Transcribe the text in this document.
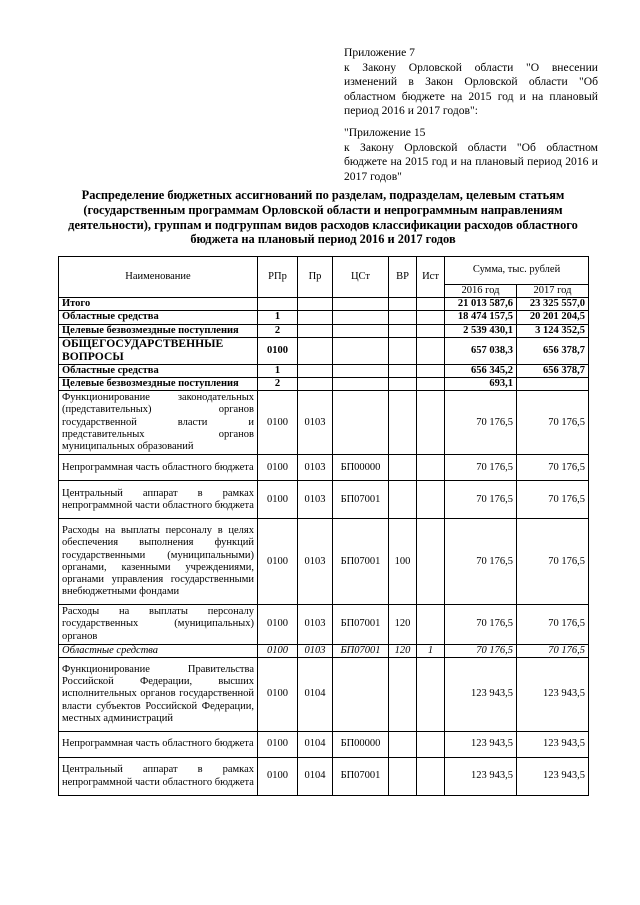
Приложение 7
к Закону Орловской области "О внесении изменений в Закон Орловской области "Об областном бюджете на 2015 год и на плановый период 2016 и 2017 годов":
"Приложение 15
к Закону Орловской области "Об областном бюджете на 2015 год и на плановый период 2016 и 2017 годов"
Распределение бюджетных ассигнований по разделам, подразделам, целевым статьям (государственным программам Орловской области и непрограммным направлениям деятельности), группам и подгруппам видов расходов классификации расходов областного бюджета на плановый период 2016 и 2017 годов
Наименование	РПр	Пр	ЦСт	ВР	Ист	Сумма, тыс. рублей	
						2016 год	2017 год
Итого						21 013 587,6	23 325 557,0
Областные средства	1					18 474 157,5	20 201 204,5
Целевые безвозмездные поступления	2					2 539 430,1	3 124 352,5
ОБЩЕГОСУДАРСТВЕННЫЕ ВОПРОСЫ	0100					657 038,3	656 378,7
Областные средства	1					656 345,2	656 378,7
Целевые безвозмездные поступления	2					693,1	
Функционирование законодательных (представительных) органов государственной власти и представительных органов муниципальных образований	0100	0103				70 176,5	70 176,5
Непрограммная часть областного бюджета	0100	0103	БП00000			70 176,5	70 176,5
Центральный аппарат в рамках непрограммной части областного бюджета	0100	0103	БП07001			70 176,5	70 176,5
Расходы на выплаты персоналу в целях обеспечения выполнения функций государственными (муниципальными) органами, казенными учреждениями, органами управления государственными внебюджетными фондами	0100	0103	БП07001	100		70 176,5	70 176,5
Расходы на выплаты персоналу государственных (муниципальных) органов	0100	0103	БП07001	120		70 176,5	70 176,5
Областные средства	0100	0103	БП07001	120	1	70 176,5	70 176,5
Функционирование Правительства Российской Федерации, высших исполнительных органов государственной власти субъектов Российской Федерации, местных администраций	0100	0104				123 943,5	123 943,5
Непрограммная часть областного бюджета	0100	0104	БП00000			123 943,5	123 943,5
Центральный аппарат в рамках непрограммной части областного бюджета	0100	0104	БП07001			123 943,5	123 943,5
